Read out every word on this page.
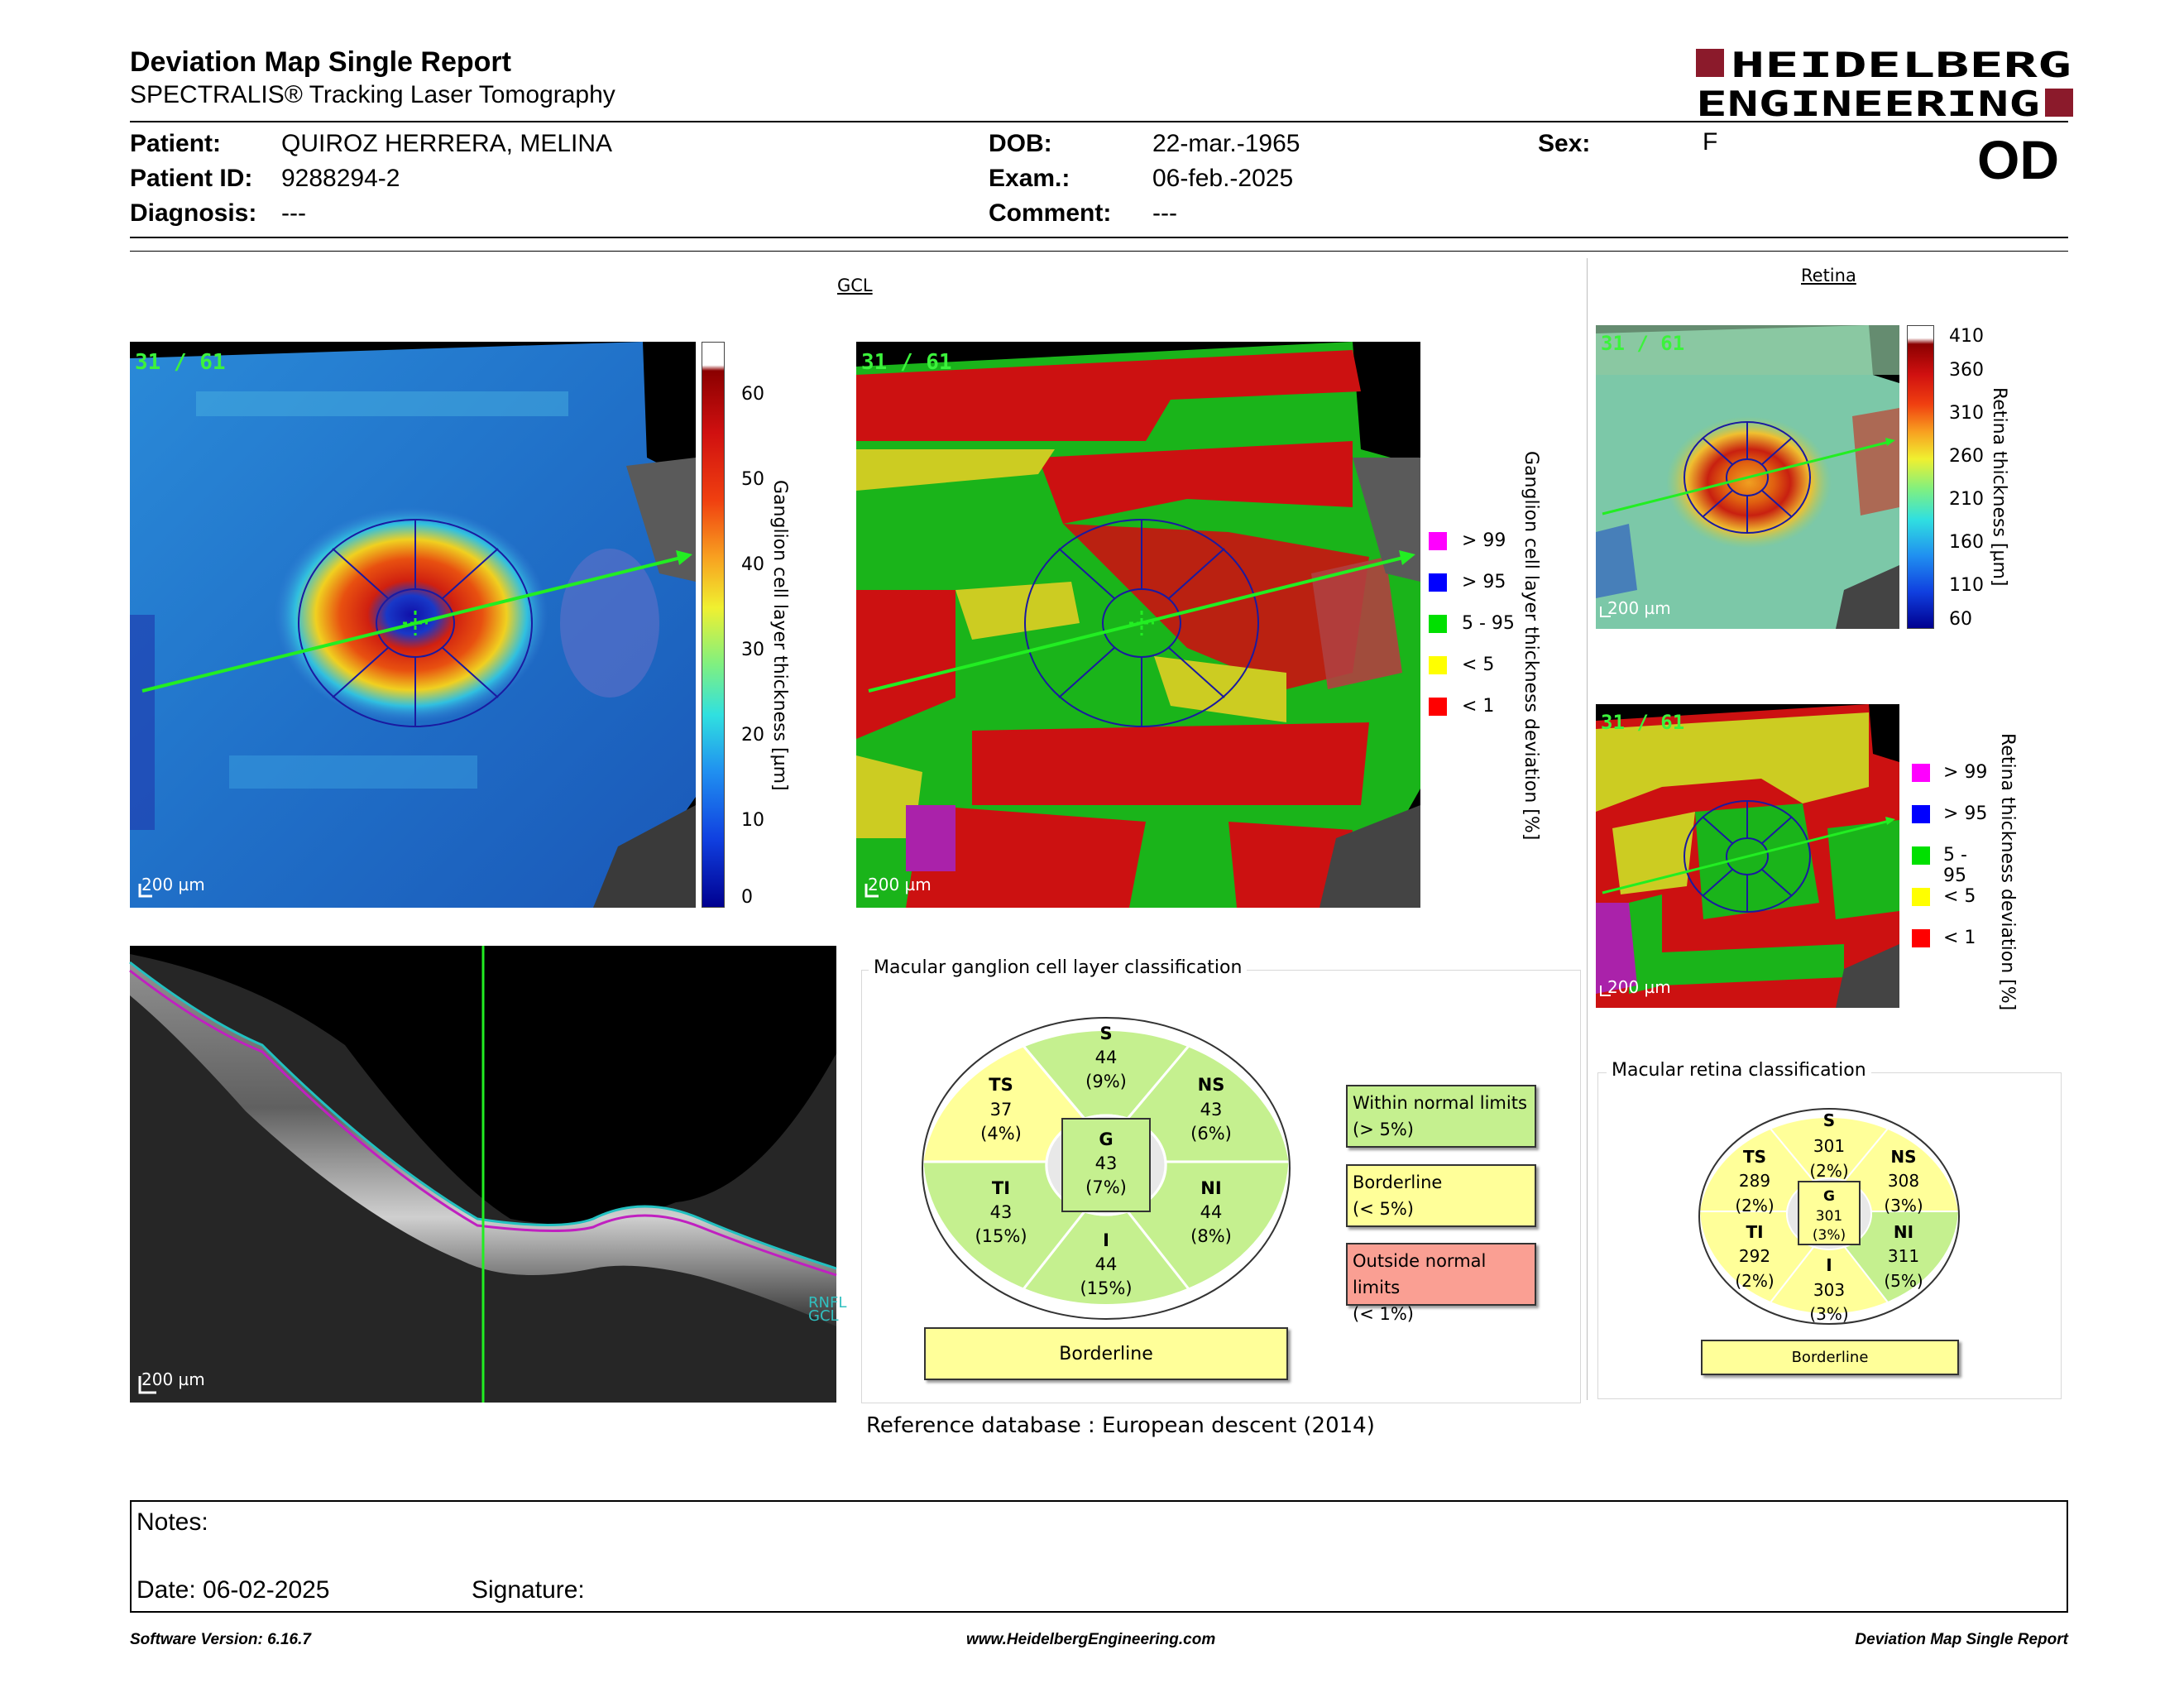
Deviation Map Single Report
SPECTRALIS® Tracking Laser Tomography
HEIDELBERG
ENGINEERING
Patient: QUIROZ HERRERA, MELINA
Patient ID: 9288294-2
Diagnosis: ---
DOB:	22-mar.-1965
Exam.:	06-feb.-2025
Comment: ---
Sex:	F	OD
GCL
31 / 61
200 µm
60
50
40
30
20
10
0
Ganglion cell layer thickness [µm]
31 / 61
200 µm
> 99
> 95
5 - 95
< 5
< 1 Ganglion cell layer thickness deviation [%]
RNFL GCL
200 µm
Macular ganglion cell layer classification
S
44
(9%)
TS
37
(4%)
NS
43
(6%)
TI
43
(15%)
NI
44
(8%)
I
44
(15%)
G
43
(7%)
Borderline
Within normal limits
(> 5%)
Borderline
(< 5%)
Outside normal limits
(< 1%)
Reference database : European descent (2014)
Retina
31 / 61
200 µm
410
360
310
260
210
160
110
60
Retina thickness [µm]
31 / 61
200 µm
> 99
> 95
5 - 95
< 5
< 1 Retina thickness deviation [%]
Macular retina classification
S
301
(2%)
TS
289
(2%)
NS
308
(3%)
TI
292
(2%)
NI
311
(5%)
I
303
(3%)
G
301
(3%)
Borderline
Notes:
Date: 06-02-2025	Signature:
Software Version: 6.16.7	www.HeidelbergEngineering.com	Deviation Map Single Report
